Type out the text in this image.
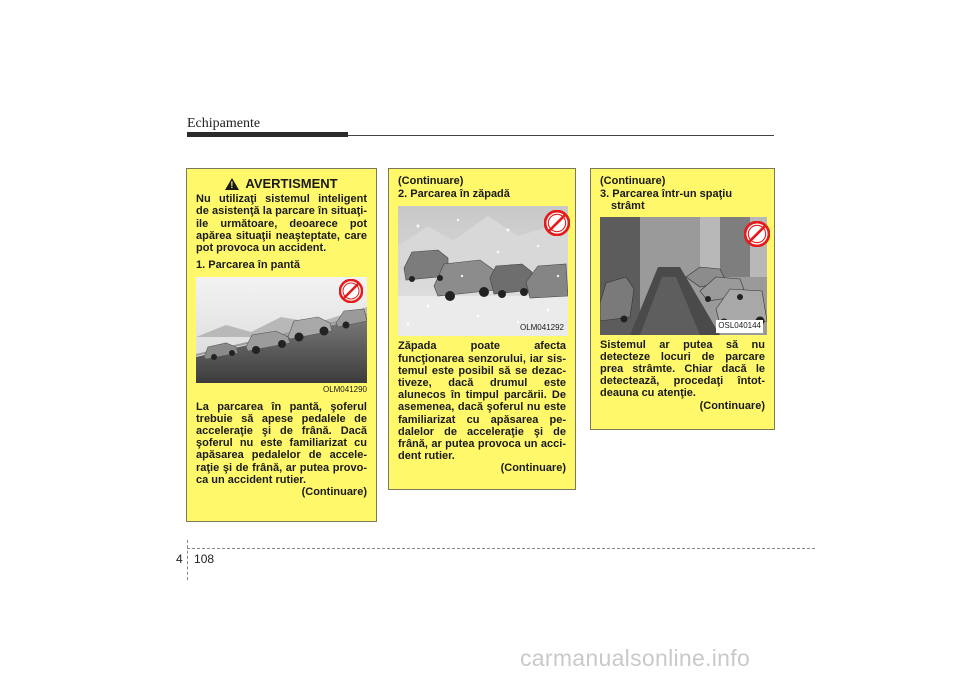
Echipamente
!
AVERTISMENT

Nu utilizaţi sistemul inteligent de asistenţă la parcare în situaţi-ile următoare, deoarece pot apărea situaţii neaşteptate, care pot provoca un accident.

1. Parcarea în pantă

OLM041290

La parcarea în pantă, şoferul trebuie să apese pedalele de acceleraţie şi de frână. Dacă şoferul nu este familiarizat cu apăsarea pedalelor de accele-raţie şi de frână, ar putea provo-ca un accident rutier.

(Continuare)

(Continuare)

2. Parcarea în zăpadă

OLM041292

Zăpada poate afecta funcţionarea senzorului, iar sis-temul este posibil să se dezac-tiveze, dacă drumul este alunecos în timpul parcării. De asemenea, dacă şoferul nu este familiarizat cu apăsarea pe-dalelor de acceleraţie şi de frână, ar putea provoca un acci-dent rutier.

(Continuare)

(Continuare)

3. Parcarea într-un spaţiu

strâmt

OSL040144

Sistemul ar putea să nu detecteze locuri de parcare prea strâmte. Chiar dacă le detectează, procedaţi întot-deauna cu atenţie.

(Continuare)

4 108
carmanualsonline.info
